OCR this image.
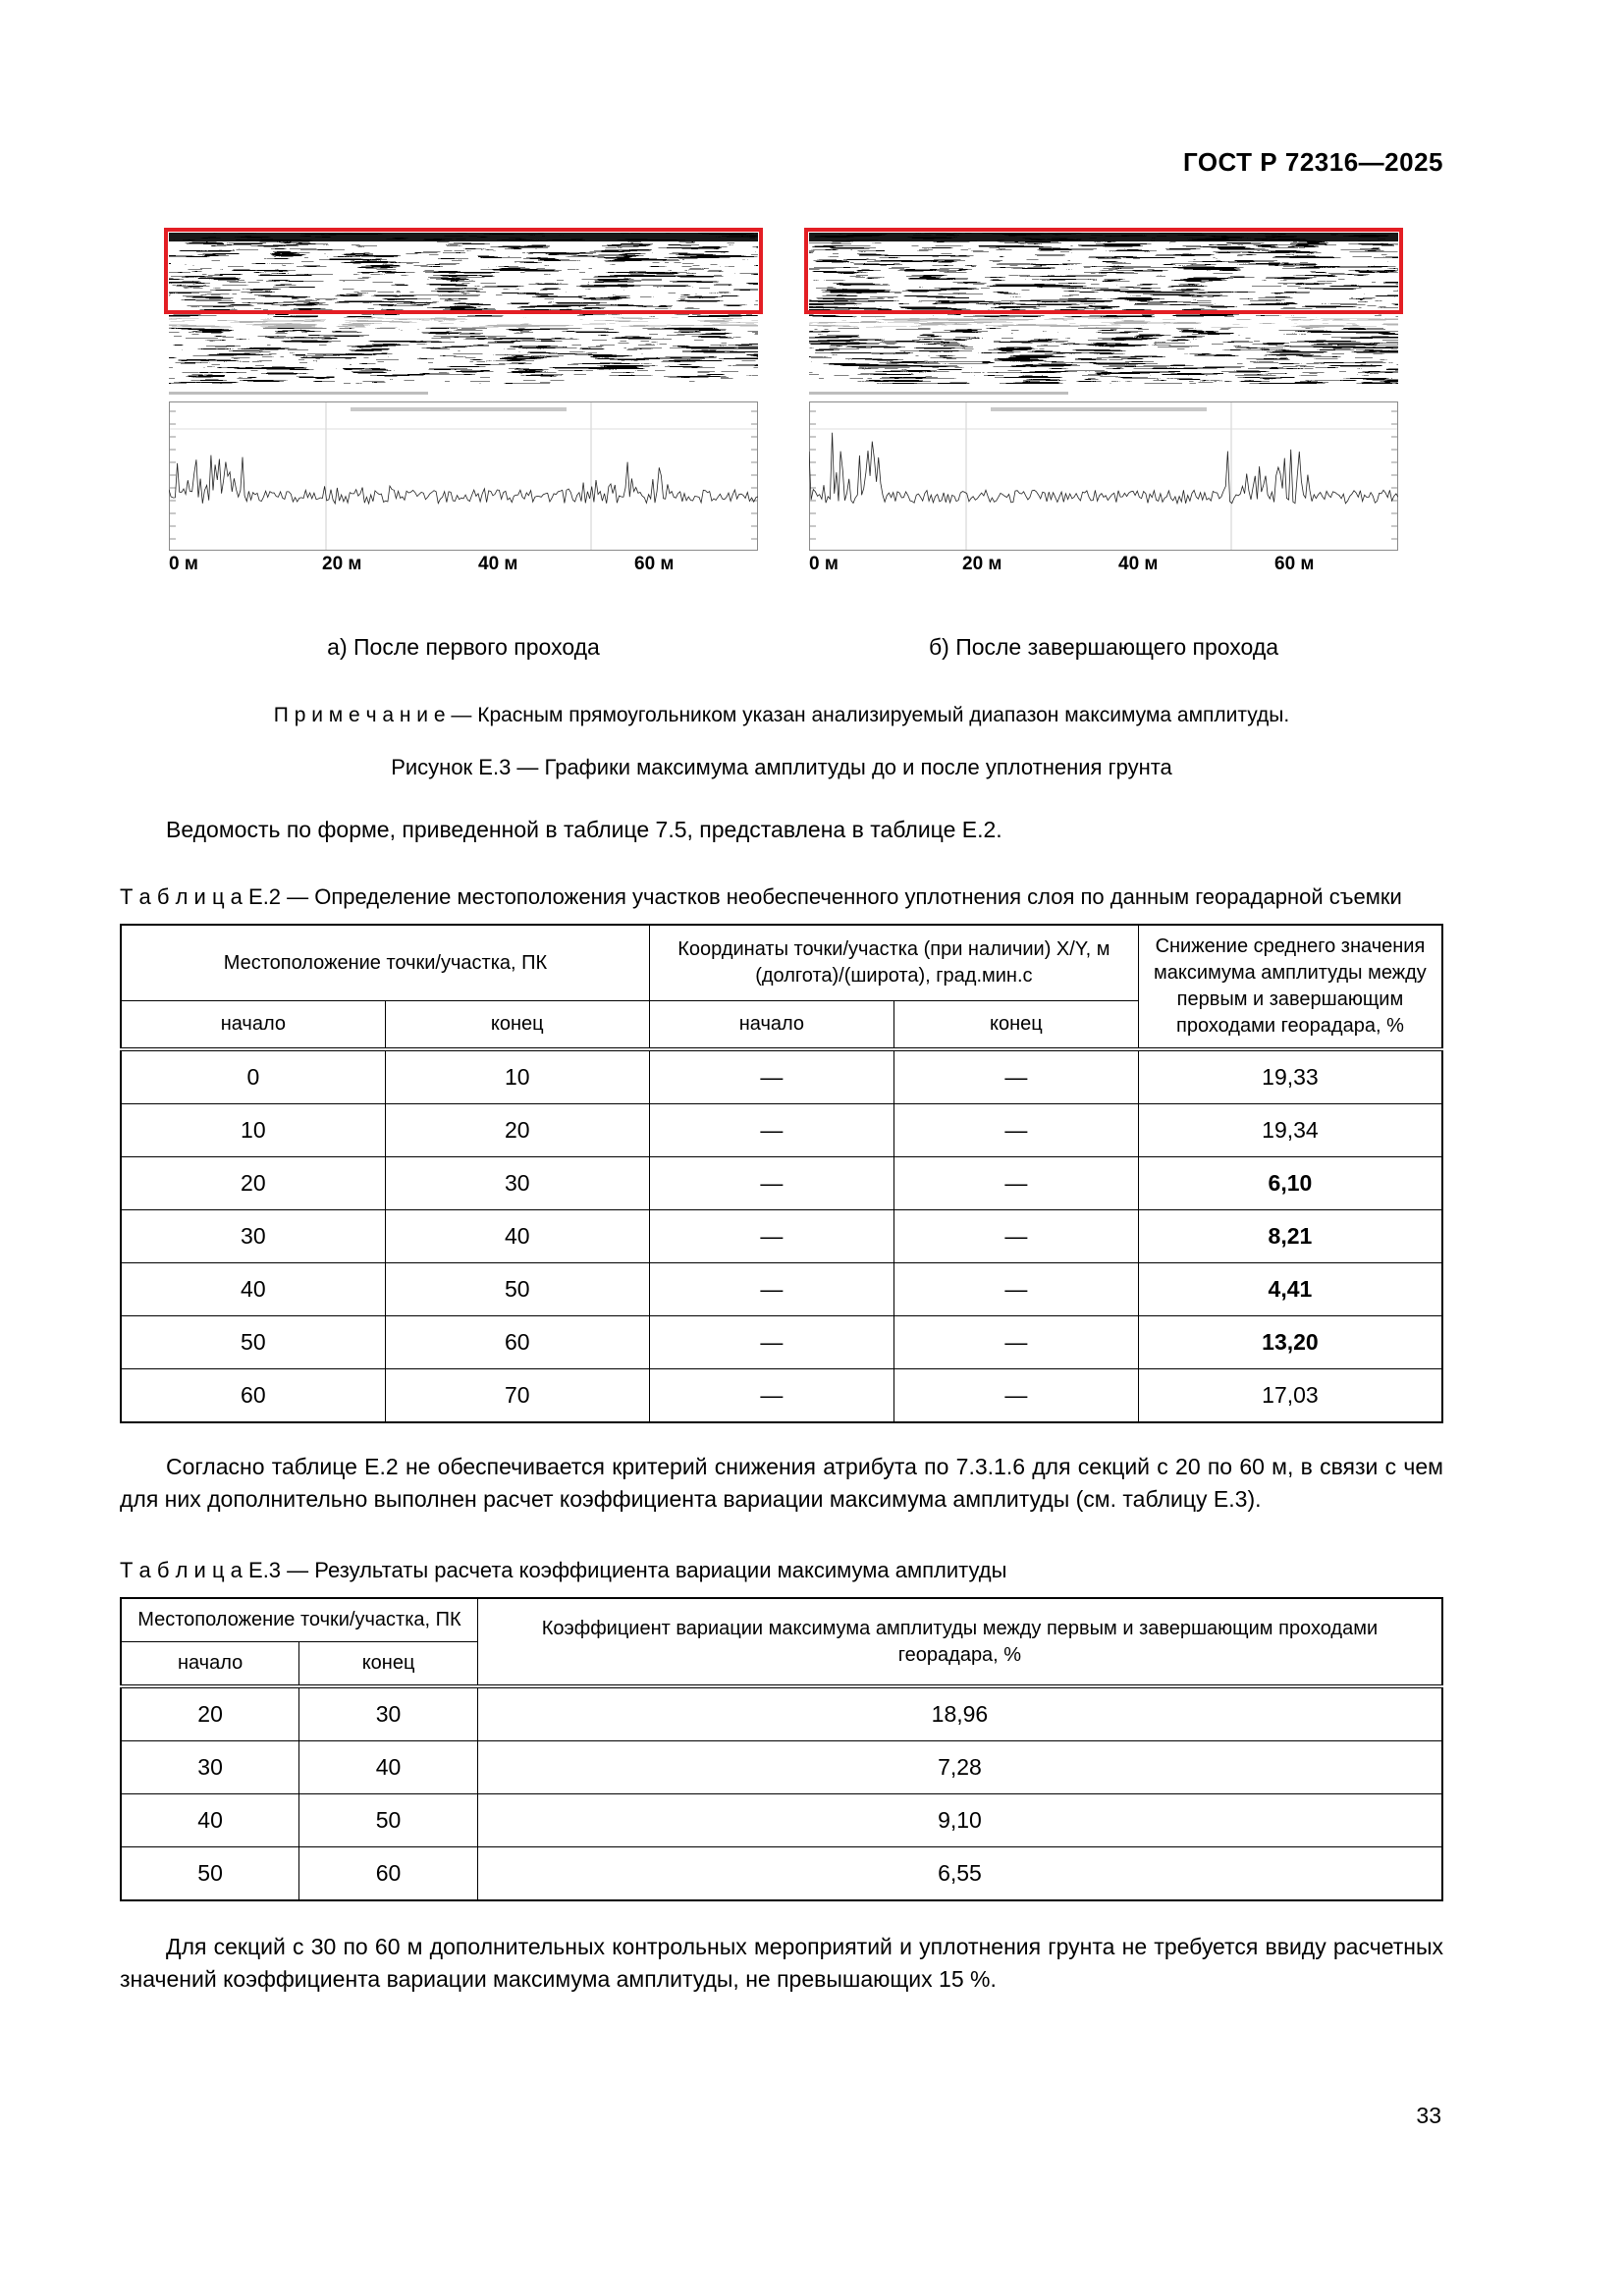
ГОСТ Р 72316—2025
0 м	20 м	40 м	60 м
а) После первого прохода
0 м	20 м	40 м	60 м
б) После завершающего прохода
П р и м е ч а н и е — Красным прямоугольником указан анализируемый диапазон максимума амплитуды.
Рисунок Е.3 — Графики максимума амплитуды до и после уплотнения грунта

Ведомость по форме, приведенной в таблице 7.5, представлена в таблице Е.2.

Т а б л и ц а Е.2 — Определение местоположения участков необеспеченного уплотнения слоя по данным георадарной съемки
Местоположение точки/участка, ПК		Координаты точки/участка (при наличии) X/Y, м (долгота)/(широта), град.мин.с		Снижение среднего значения максимума амплитуды между первым и завершающим проходами георадара, %
начало	конец	начало	конец	
0	10	—	—	19,33
10	20	—	—	19,34
20	30	—	—	6,10
30	40	—	—	8,21
40	50	—	—	4,41
50	60	—	—	13,20
60	70	—	—	17,03

Согласно таблице Е.2 не обеспечивается критерий снижения атрибута по 7.3.1.6 для секций с 20 по 60 м, в связи с чем для них дополнительно выполнен расчет коэффициента вариации максимума амплитуды (см. таблицу Е.3).

Т а б л и ц а Е.3 — Результаты расчета коэффициента вариации максимума амплитуды
Местоположение точки/участка, ПК		Коэффициент вариации максимума амплитуды между первым и завершающим проходами георадара, %
начало	конец	
20	30	18,96
30	40	7,28
40	50	9,10
50	60	6,55

Для секций с 30 по 60 м дополнительных контрольных мероприятий и уплотнения грунта не требуется ввиду расчетных значений коэффициента вариации максимума амплитуды, не превышающих 15 %.

33
